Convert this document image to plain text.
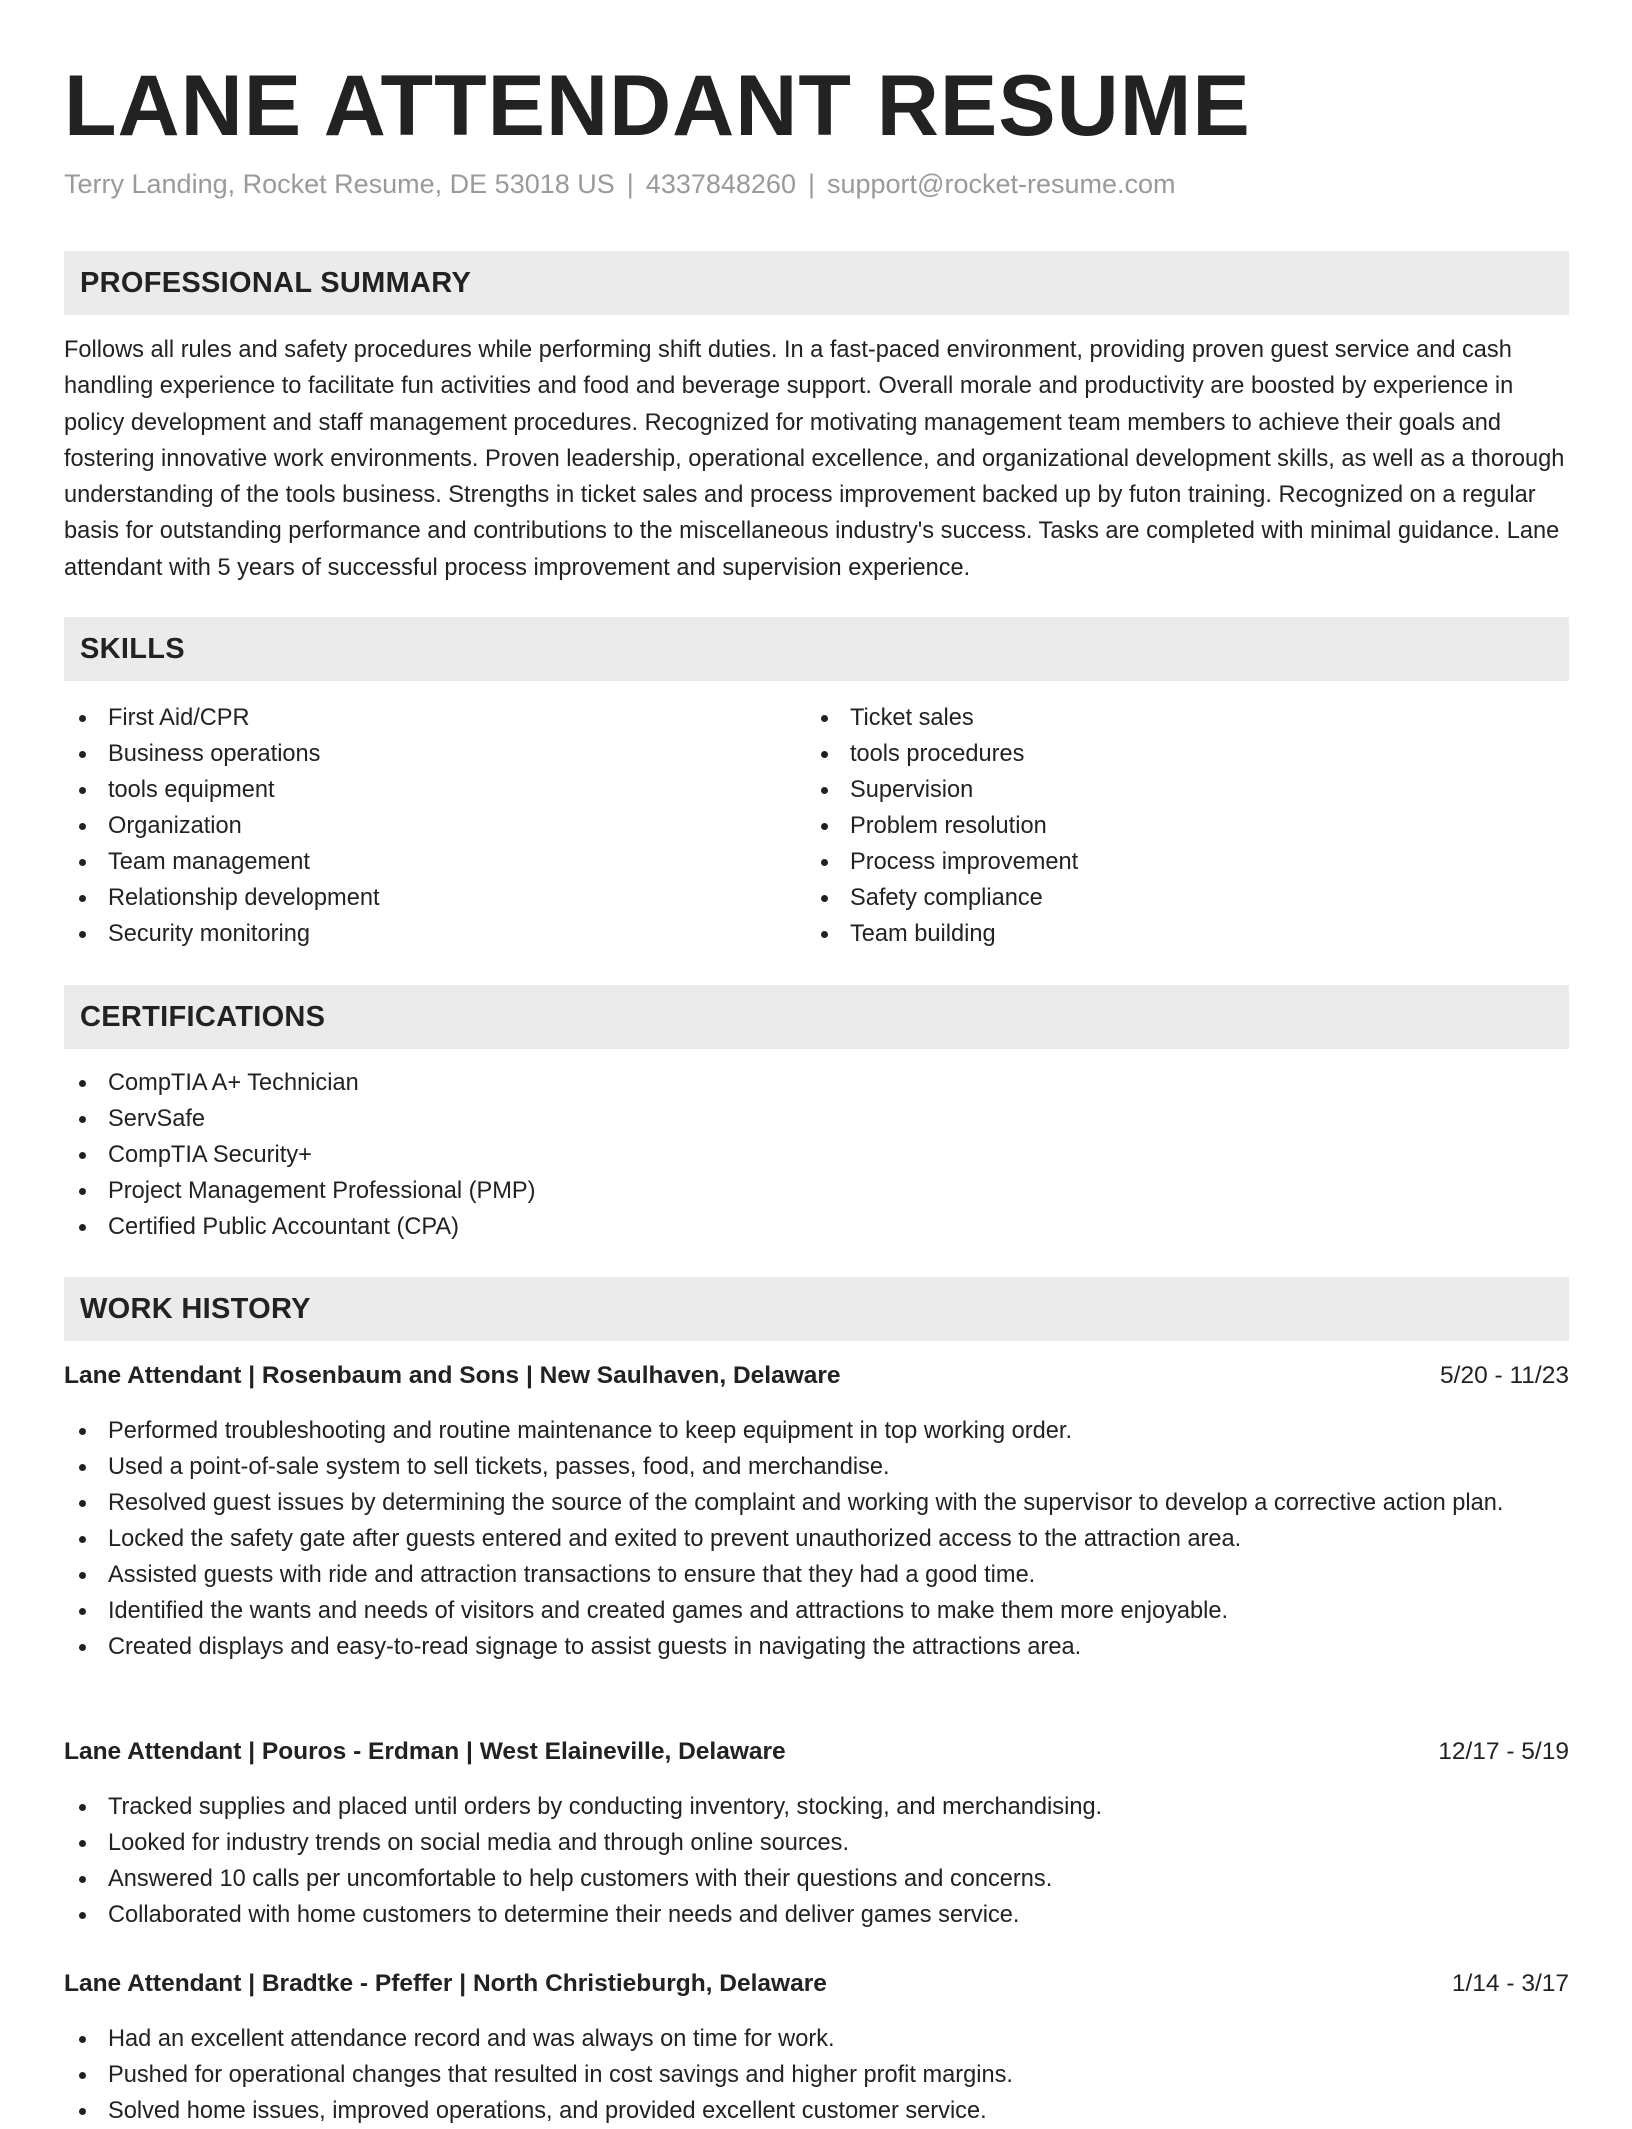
LANE ATTENDANT RESUME
Terry Landing, Rocket Resume, DE 53018 US | 4337848260 | support@rocket-resume.com
PROFESSIONAL SUMMARY

Follows all rules and safety procedures while performing shift duties. In a fast-paced environment, providing proven guest service and cash handling experience to facilitate fun activities and food and beverage support. Overall morale and productivity are boosted by experience in policy development and staff management procedures. Recognized for motivating management team members to achieve their goals and fostering innovative work environments. Proven leadership, operational excellence, and organizational development skills, as well as a thorough understanding of the tools business. Strengths in ticket sales and process improvement backed up by futon training. Recognized on a regular basis for outstanding performance and contributions to the miscellaneous industry's success. Tasks are completed with minimal guidance. Lane attendant with 5 years of successful process improvement and supervision experience.

SKILLS
First Aid/CPR
Business operations
tools equipment
Organization
Team management
Relationship development
Security monitoring
Ticket sales
tools procedures
Supervision
Problem resolution
Process improvement
Safety compliance
Team building
CERTIFICATIONS
CompTIA A+ Technician
ServSafe
CompTIA Security+
Project Management Professional (PMP)
Certified Public Accountant (CPA)
WORK HISTORY
Lane Attendant | Rosenbaum and Sons | New Saulhaven, Delaware	5/20 - 11/23
Performed troubleshooting and routine maintenance to keep equipment in top working order.
Used a point-of-sale system to sell tickets, passes, food, and merchandise.
Resolved guest issues by determining the source of the complaint and working with the supervisor to develop a corrective action plan.
Locked the safety gate after guests entered and exited to prevent unauthorized access to the attraction area.
Assisted guests with ride and attraction transactions to ensure that they had a good time.
Identified the wants and needs of visitors and created games and attractions to make them more enjoyable.
Created displays and easy-to-read signage to assist guests in navigating the attractions area.
Lane Attendant | Pouros - Erdman | West Elaineville, Delaware	12/17 - 5/19
Tracked supplies and placed until orders by conducting inventory, stocking, and merchandising.
Looked for industry trends on social media and through online sources.
Answered 10 calls per uncomfortable to help customers with their questions and concerns.
Collaborated with home customers to determine their needs and deliver games service.
Lane Attendant | Bradtke - Pfeffer | North Christieburgh, Delaware	1/14 - 3/17
Had an excellent attendance record and was always on time for work.
Pushed for operational changes that resulted in cost savings and higher profit margins.
Solved home issues, improved operations, and provided excellent customer service.
